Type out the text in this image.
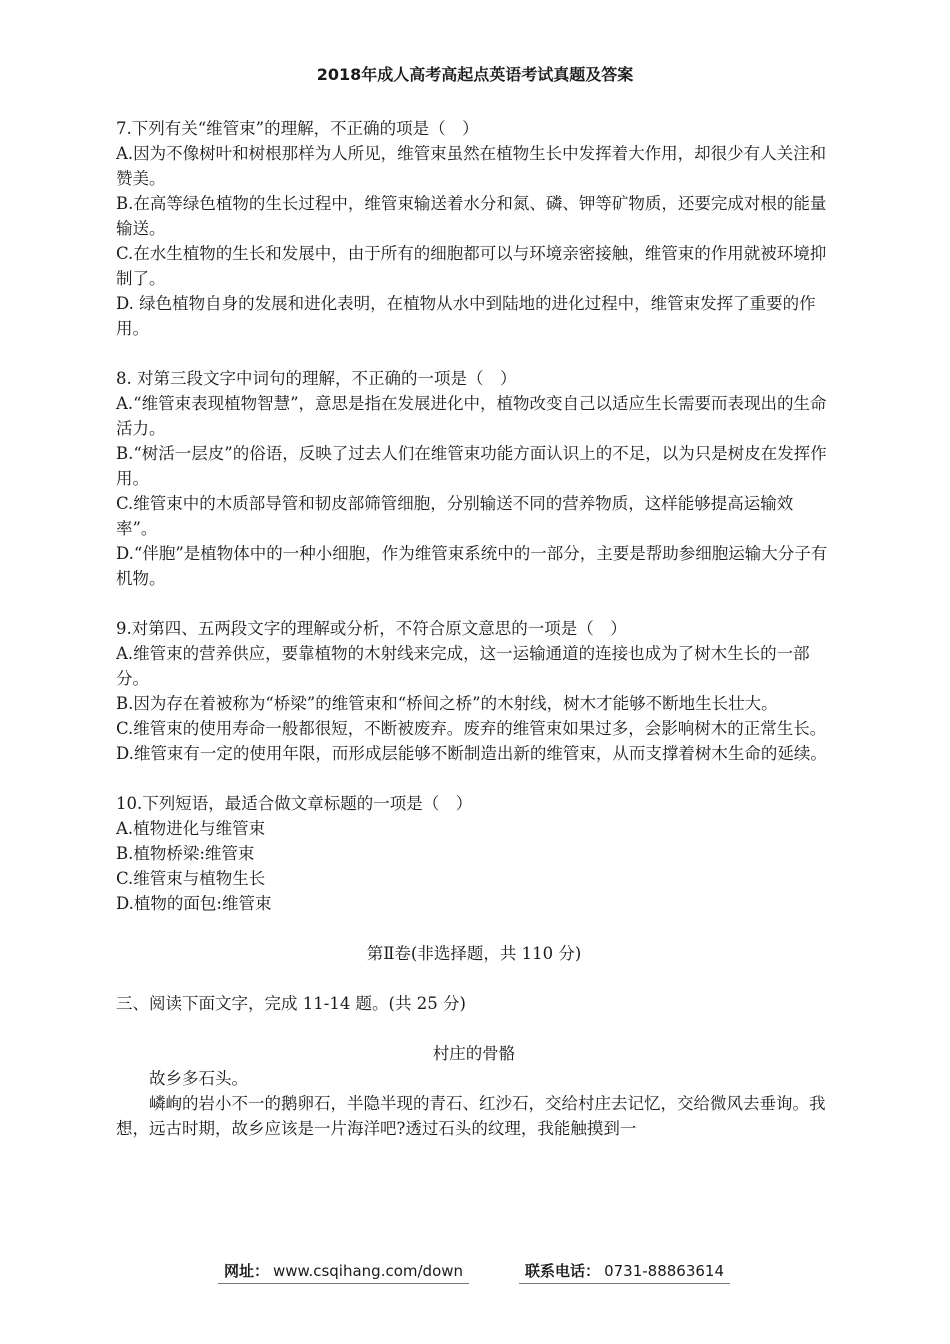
2018年成人高考高起点英语考试真题及答案
7.下列有关“维管束”的理解，不正确的项是（　）
A.因为不像树叶和树根那样为人所见，维管束虽然在植物生长中发挥着大作用，却很少有人关注和赞美。
B.在高等绿色植物的生长过程中，维管束输送着水分和氮、磷、钾等矿物质，还要完成对根的能量输送。
C.在水生植物的生长和发展中，由于所有的细胞都可以与环境亲密接触，维管束的作用就被环境抑制了。
D. 绿色植物自身的发展和进化表明，在植物从水中到陆地的进化过程中，维管束发挥了重要的作用。
8. 对第三段文字中词句的理解，不正确的一项是（　）
A.“维管束表现植物智慧”，意思是指在发展进化中，植物改变自己以适应生长需要而表现出的生命活力。
B.“树活一层皮”的俗语，反映了过去人们在维管束功能方面认识上的不足，以为只是树皮在发挥作用。
C.维管束中的木质部导管和韧皮部筛管细胞，分别输送不同的营养物质，这样能够提高运输效率”。
D.“伴胞”是植物体中的一种小细胞，作为维管束系统中的一部分，主要是帮助参细胞运输大分子有机物。
9.对第四、五两段文字的理解或分析，不符合原文意思的一项是（　）
A.维管束的营养供应，要靠植物的木射线来完成，这一运输通道的连接也成为了树木生长的一部分。
B.因为存在着被称为“桥梁”的维管束和“桥间之桥”的木射线，树木才能够不断地生长壮大。
C.维管束的使用寿命一般都很短，不断被废弃。废弃的维管束如果过多，会影响树木的正常生长。
D.维管束有一定的使用年限，而形成层能够不断制造出新的维管束，从而支撑着树木生命的延续。
10.下列短语，最适合做文章标题的一项是（　）
A.植物进化与维管束
B.植物桥梁:维管束
C.维管束与植物生长
D.植物的面包:维管束
第Ⅱ卷(非选择题，共 110 分)
三、阅读下面文字，完成 11-14 题。(共 25 分)
村庄的骨骼
故乡多石头。
嶙峋的岩小不一的鹅卵石，半隐半现的青石、红沙石，交给村庄去记忆，交给微风去垂询。我想，远古时期，故乡应该是一片海洋吧?透过石头的纹理，我能触摸到一
网址： www.csqihang.com/down	联系电话： 0731-88863614
